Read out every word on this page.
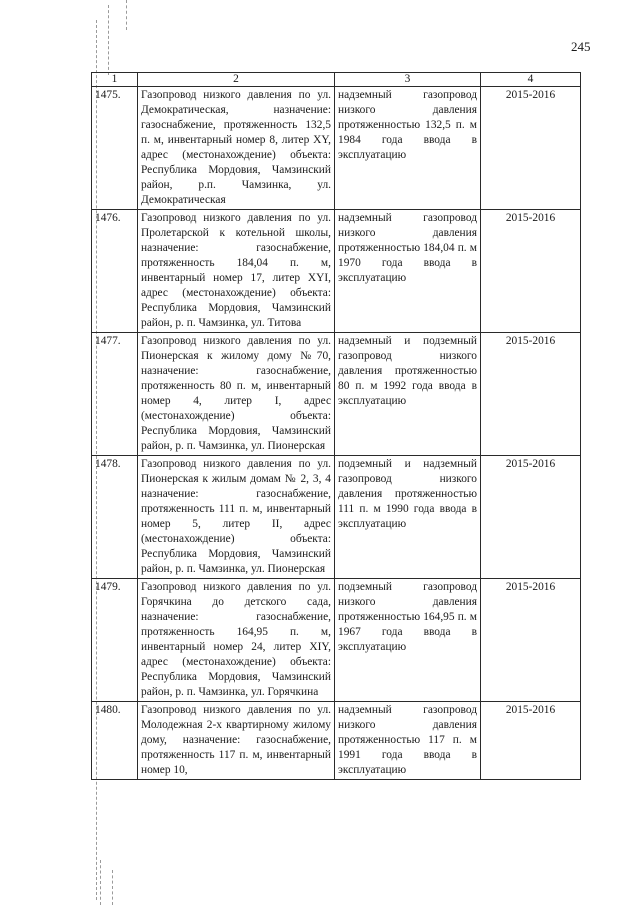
245
1	2	3	4
1475.	Газопровод низкого давления по ул. Демократическая, назначение: газоснабжение, протяженность 132,5 п. м, инвентарный номер 8, литер XY, адрес (местонахождение) объекта: Республика Мордовия, Чамзинский район, р.п. Чамзинка, ул. Демократическая	надземный газопровод низкого давления протяженностью 132,5 п. м 1984 года ввода в эксплуатацию	2015-2016
1476.	Газопровод низкого давления по ул. Пролетарской к котельной школы, назначение: газоснабжение, протяженность 184,04 п. м, инвентарный номер 17, литер XYI, адрес (местонахождение) объекта: Республика Мордовия, Чамзинский район, р. п. Чамзинка, ул. Титова	надземный газопровод низкого давления протяженностью 184,04 п. м 1970 года ввода в эксплуатацию	2015-2016
1477.	Газопровод низкого давления по ул. Пионерская к жилому дому №70, назначение: газоснабжение, протяженность 80 п. м, инвентарный номер 4, литер I, адрес (местонахождение) объекта: Республика Мордовия, Чамзинский район, р. п. Чамзинка, ул. Пионерская	надземный и подземный газопровод низкого давления протяженностью 80 п. м 1992 года ввода в эксплуатацию	2015-2016
1478.	Газопровод низкого давления по ул. Пионерская к жилым домам № 2, 3, 4 назначение: газоснабжение, протяженность 111 п. м, инвентарный номер 5, литер II, адрес (местонахождение) объекта: Республика Мордовия, Чамзинский район, р. п. Чамзинка, ул. Пионерская	подземный и надземный газопровод низкого давления протяженностью 111 п. м 1990 года ввода в эксплуатацию	2015-2016
1479.	Газопровод низкого давления по ул. Горячкина до детского сада, назначение: газоснабжение, протяженность 164,95 п. м, инвентарный номер 24, литер XIY, адрес (местонахождение) объекта: Республика Мордовия, Чамзинский район, р. п. Чамзинка, ул. Горячкина	подземный газопровод низкого давления протяженностью 164,95 п. м 1967 года ввода в эксплуатацию	2015-2016
1480.	Газопровод низкого давления по ул. Молодежная 2-х квартирному жилому дому, назначение: газоснабжение, протяженность 117 п. м, инвентарный номер 10,	надземный газопровод низкого давления протяженностью 117 п. м 1991 года ввода в эксплуатацию	2015-2016
